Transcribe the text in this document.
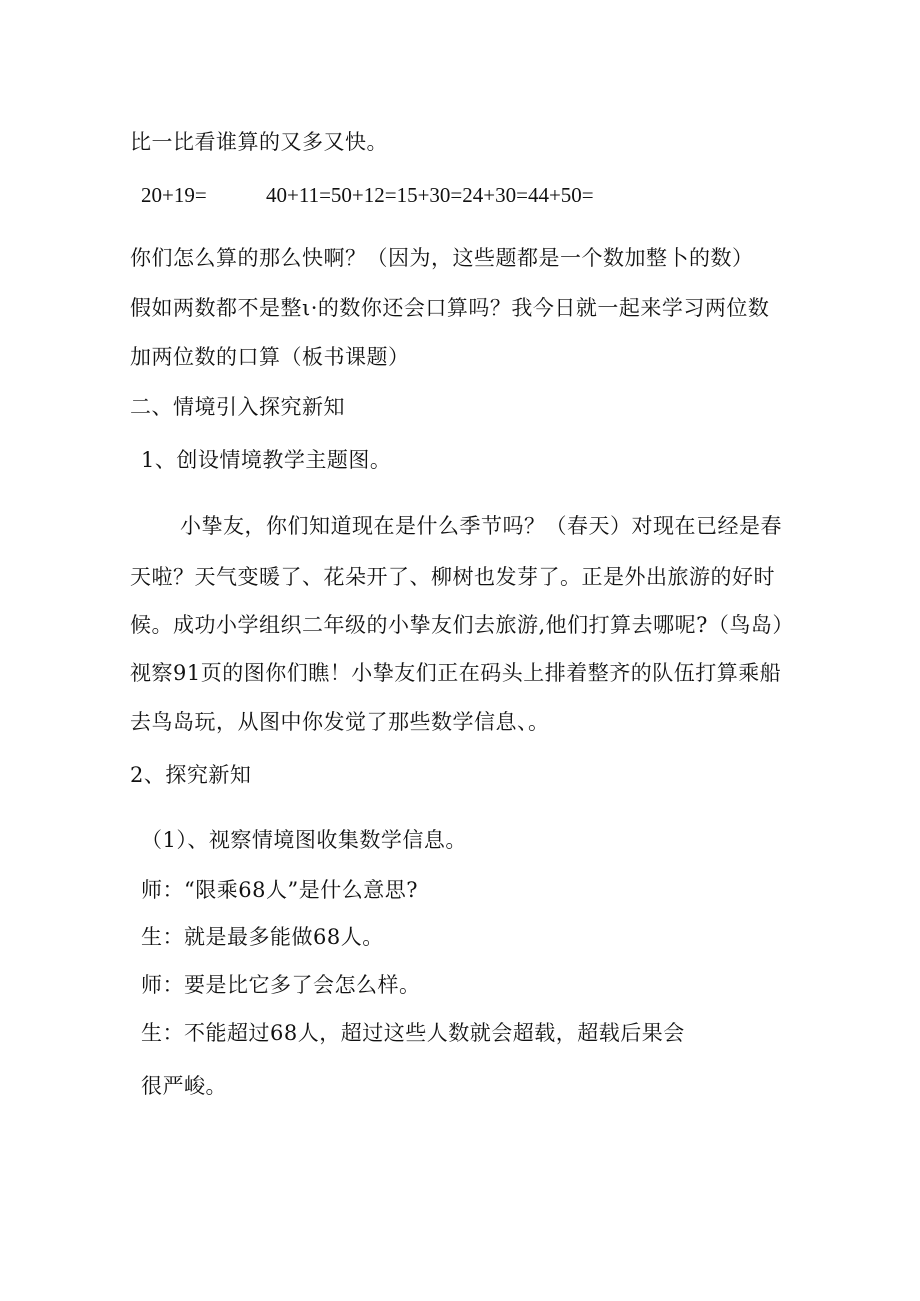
比一比看谁算的又多又快。
20+19=	40+11=50+12=15+30=24+30=44+50=
你们怎么算的那么快啊？（因为，这些题都是一个数加整卜的数）
假如两数都不是整ι·的数你还会口算吗？我今日就一起来学习两位数
加两位数的口算（板书课题）
二、情境引入探究新知
1、创设情境教学主题图。
小挚友，你们知道现在是什么季节吗？（春天）对现在已经是春
天啦？天气变暖了、花朵开了、柳树也发芽了。正是外出旅游的好时
候。成功小学组织二年级的小挚友们去旅游,他们打算去哪呢?（鸟岛）
视察91页的图你们瞧！小挚友们正在码头上排着整齐的队伍打算乘船
去鸟岛玩，从图中你发觉了那些数学信息、。
2、探究新知
（1）、视察情境图收集数学信息。
师：“限乘68人”是什么意思?
生：就是最多能做68人。
师：要是比它多了会怎么样。
生：不能超过68人，超过这些人数就会超载，超载后果会
很严峻。
